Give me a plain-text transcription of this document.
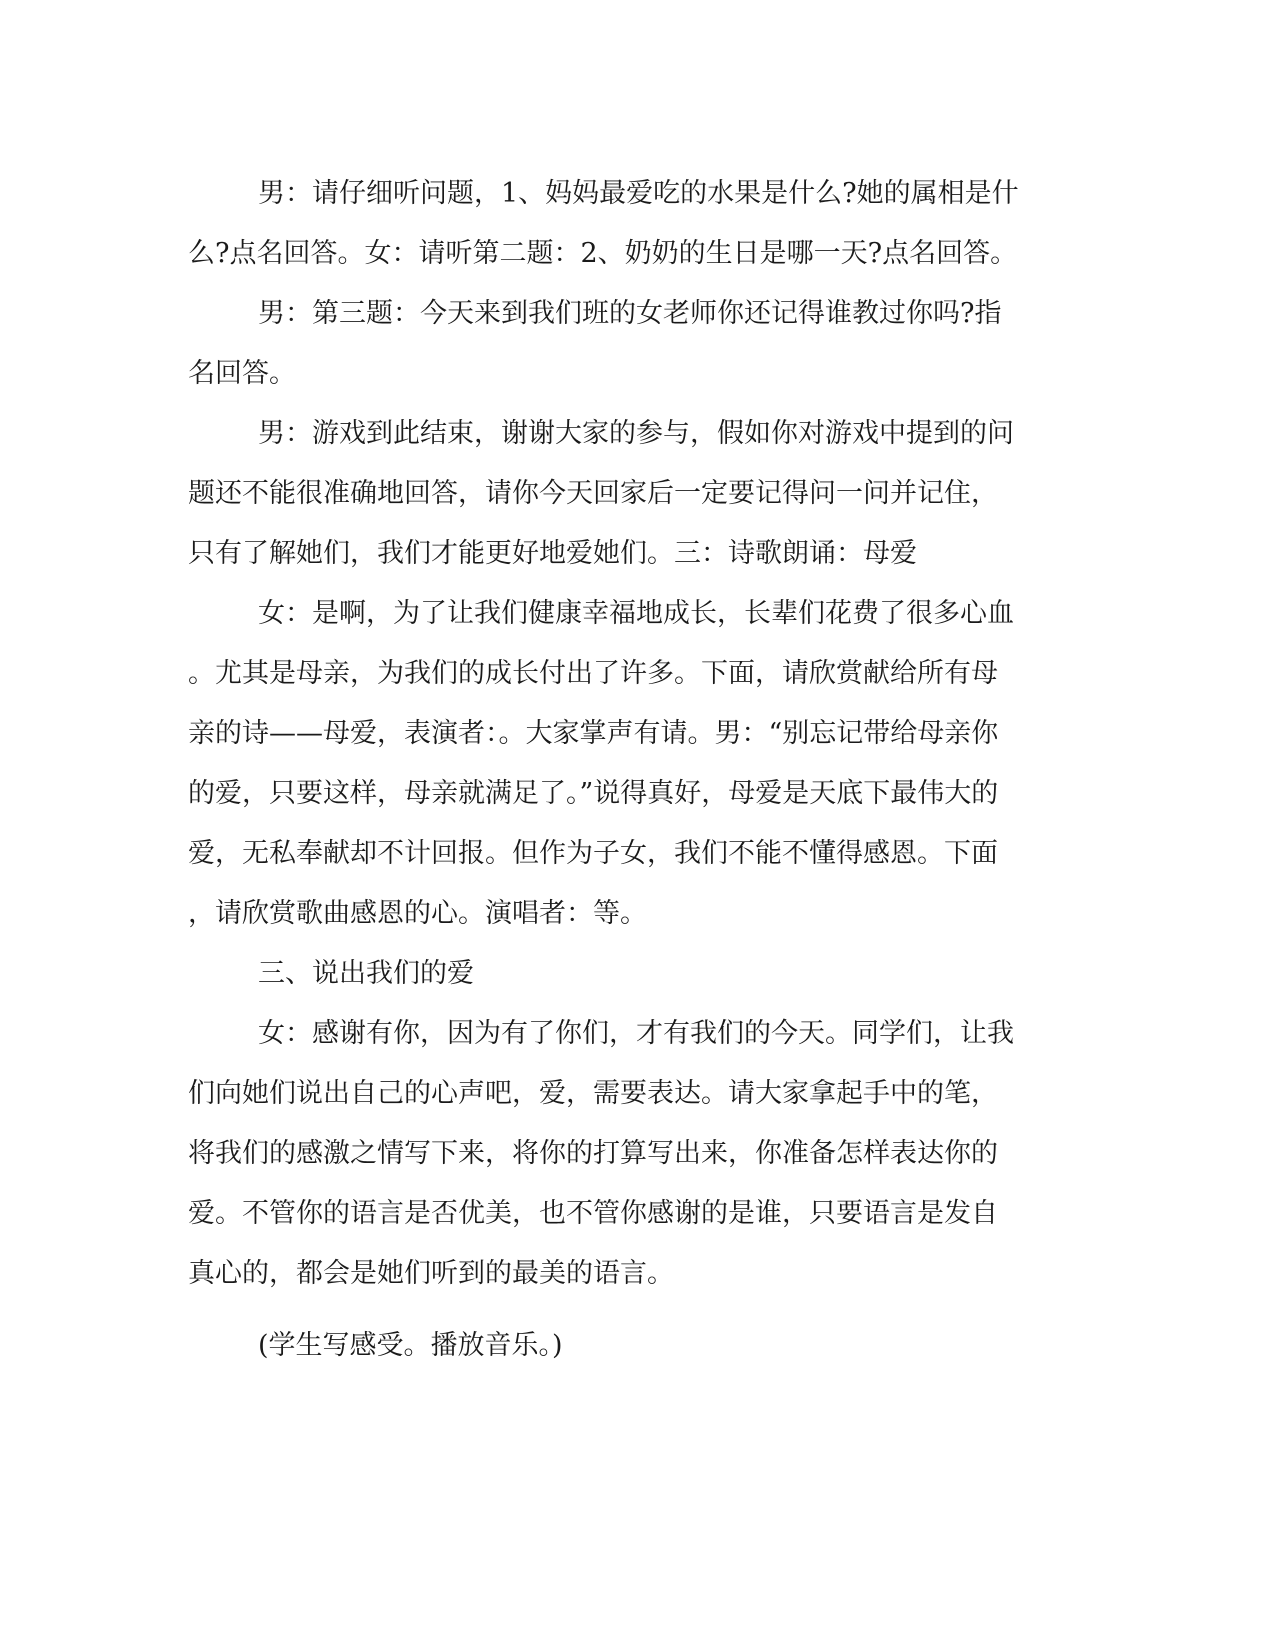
男：请仔细听问题，1、妈妈最爱吃的水果是什么?她的属相是什
么?点名回答。女：请听第二题：2、奶奶的生日是哪一天?点名回答。
男：第三题：今天来到我们班的女老师你还记得谁教过你吗?指
名回答。
男：游戏到此结束，谢谢大家的参与，假如你对游戏中提到的问
题还不能很准确地回答，请你今天回家后一定要记得问一问并记住，
只有了解她们，我们才能更好地爱她们。三：诗歌朗诵：母爱
女：是啊，为了让我们健康幸福地成长，长辈们花费了很多心血
。尤其是母亲，为我们的成长付出了许多。下面，请欣赏献给所有母
亲的诗——母爱，表演者：。大家掌声有请。男：“别忘记带给母亲你
的爱，只要这样，母亲就满足了。”说得真好，母爱是天底下最伟大的
爱，无私奉献却不计回报。但作为子女，我们不能不懂得感恩。下面
，请欣赏歌曲感恩的心。演唱者：等。
三、说出我们的爱
女：感谢有你，因为有了你们，才有我们的今天。同学们，让我
们向她们说出自己的心声吧，爱，需要表达。请大家拿起手中的笔，
将我们的感激之情写下来，将你的打算写出来，你准备怎样表达你的
爱。不管你的语言是否优美，也不管你感谢的是谁，只要语言是发自
真心的，都会是她们听到的最美的语言。
(学生写感受。播放音乐。)
